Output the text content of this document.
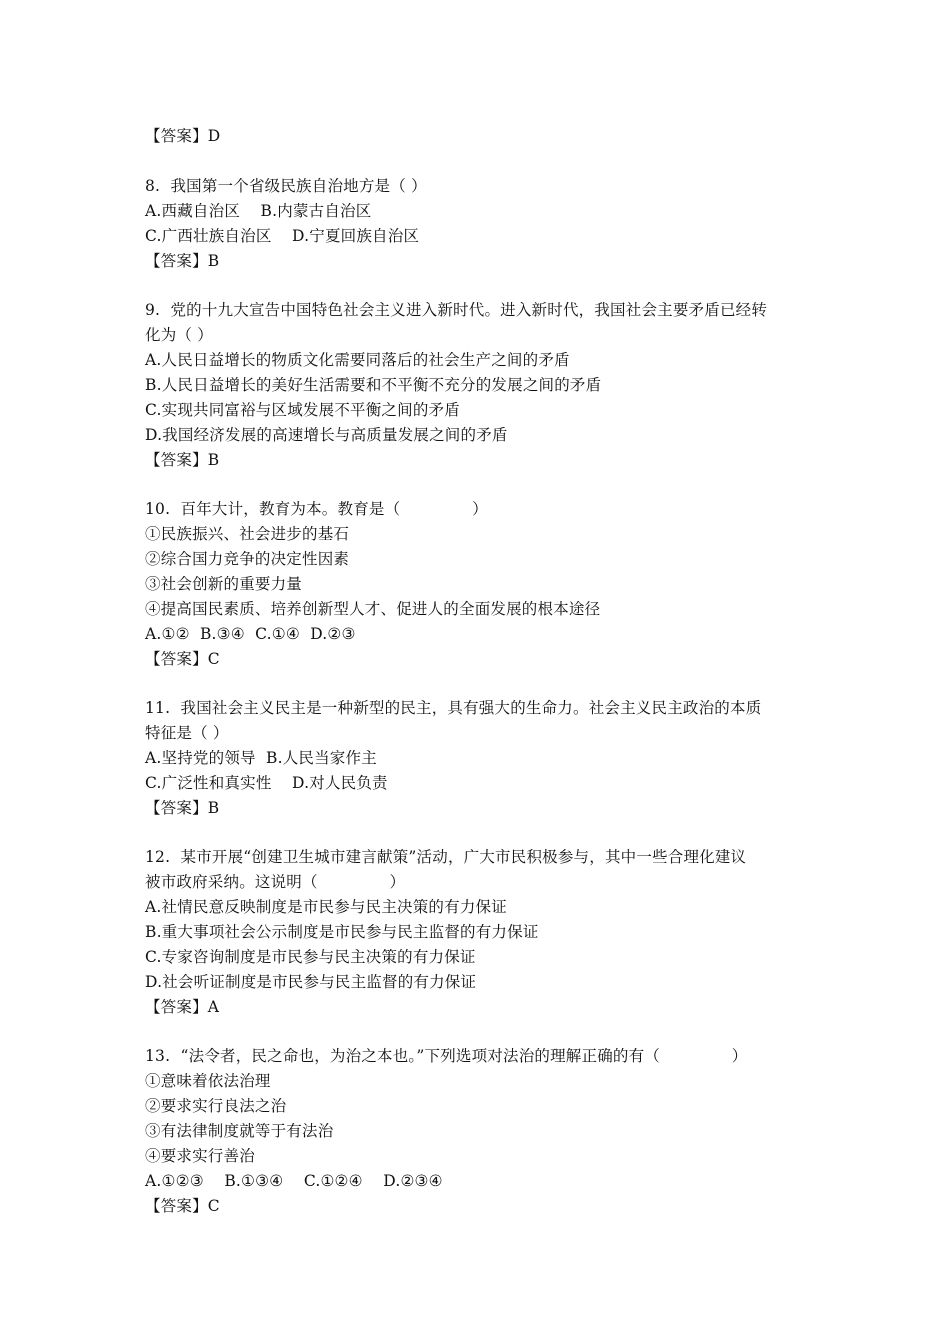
【答案】D
8.  我国第一个省级民族自治地方是（ ）
A.西藏自治区    B.内蒙古自治区
C.广西壮族自治区    D.宁夏回族自治区
【答案】B
9.  党的十九大宣告中国特色社会主义进入新时代。进入新时代，我国社会主要矛盾已经转
化为（ ）
A.人民日益增长的物质文化需要同落后的社会生产之间的矛盾
B.人民日益增长的美好生活需要和不平衡不充分的发展之间的矛盾
C.实现共同富裕与区域发展不平衡之间的矛盾
D.我国经济发展的高速增长与高质量发展之间的矛盾
【答案】B
10.  百年大计，教育为本。教育是（              ）
①民族振兴、社会进步的基石
②综合国力竞争的决定性因素
③社会创新的重要力量
④提高国民素质、培养创新型人才、促进人的全面发展的根本途径
A.①②  B.③④  C.①④  D.②③
【答案】C
11.  我国社会主义民主是一种新型的民主，具有强大的生命力。社会主义民主政治的本质
特征是（ ）
A.坚持党的领导  B.人民当家作主
C.广泛性和真实性    D.对人民负责
【答案】B
12.  某市开展“创建卫生城市建言献策”活动，广大市民积极参与，其中一些合理化建议
被市政府采纳。这说明（              ）
A.社情民意反映制度是市民参与民主决策的有力保证
B.重大事项社会公示制度是市民参与民主监督的有力保证
C.专家咨询制度是市民参与民主决策的有力保证
D.社会听证制度是市民参与民主监督的有力保证
【答案】A
13.  “法令者，民之命也，为治之本也。”下列选项对法治的理解正确的有（              ）
①意味着依法治理
②要求实行良法之治
③有法律制度就等于有法治
④要求实行善治
A.①②③    B.①③④    C.①②④    D.②③④
【答案】C
